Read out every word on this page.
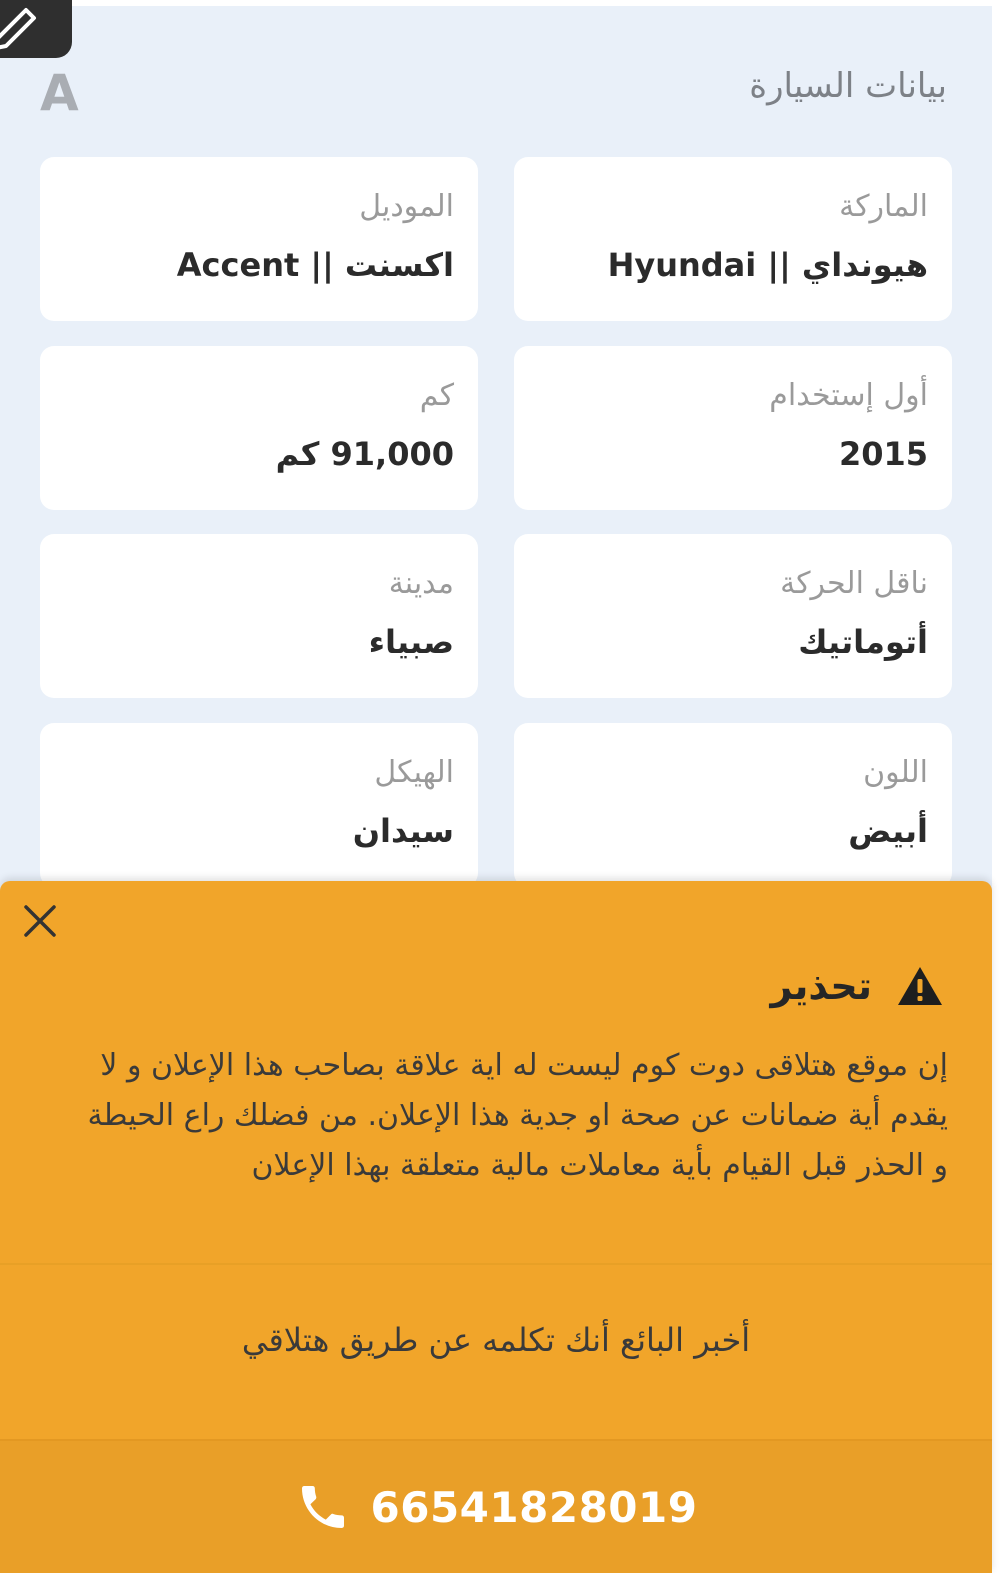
A	بيانات السيارة
الماركة
هيونداي || Hyundai
الموديل
اكسنت || Accent
أول إستخدام
2015
كم
91,000 كم
ناقل الحركة
أتوماتيك
مدينة
صبياء
اللون
أبيض
الهيكل
سيدان
تحذير
إن موقع هتلاقى دوت كوم ليست له اية علاقة بصاحب هذا الإعلان و لا يقدم أية ضمانات عن صحة او جدية هذا الإعلان. من فضلك راع الحيطة و الحذر قبل القيام بأية معاملات مالية متعلقة بهذا الإعلان
أخبر البائع أنك تكلمه عن طريق هتلاقي
66541828019
